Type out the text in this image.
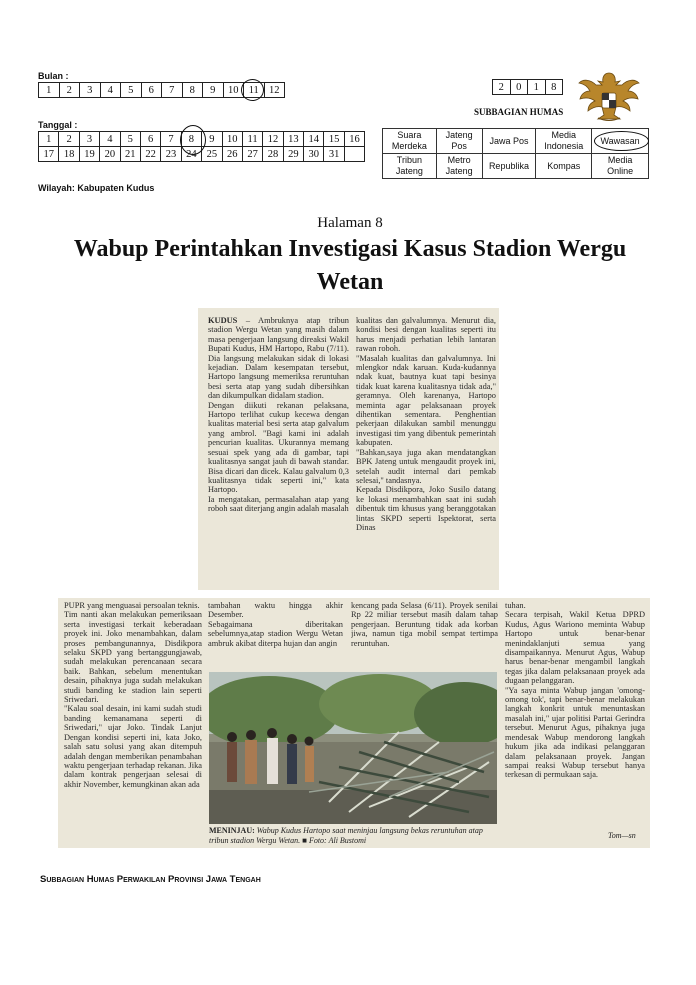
Bulan :
1	2	3	4	5	6	7	8	9	10	11	12
Tanggal :
1	2	3	4	5	6	7	8	9	10	11	12	13	14	15	16
17	18	19	20	21	22	23	24	25	26	27	28	29	30	31	
Wilayah: Kabupaten Kudus
2	0	1	8
SUBBAGIAN HUMAS
Suara Merdeka	Jateng Pos	Jawa Pos	Media Indonesia	Wawasan
Tribun Jateng	Metro Jateng	Republika	Kompas	Media Online
Halaman 8
Wabup Perintahkan Investigasi Kasus Stadion Wergu Wetan
KUDUS – Ambruknya atap tribun stadion Wergu Wetan yang masih dalam masa pengerjaan langsung direaksi Wakil Bupati Kudus, HM Hartopo, Rabu (7/11). Dia langsung melakukan sidak di lokasi kejadian. Dalam kesempatan tersebut, Hartopo langsung memeriksa reruntuhan besi serta atap yang sudah dibersihkan dan dikumpulkan didalam stadion.
Dengan diikuti rekanan pelaksana, Hartopo terlihat cukup kecewa dengan kualitas material besi serta atap galvalum yang ambrol. "Bagi kami ini adalah pencurian kualitas. Ukurannya memang sesuai spek yang ada di gambar, tapi kualitasnya sangat jauh di bawah standar. Bisa dicari dan dicek. Kalau galvalum 0,3 kualitasnya tidak seperti ini," kata Hartopo.
Ia mengatakan, permasalahan atap yang roboh saat diterjang angin adalah masalah
kualitas dan galvalumnya. Menurut dia, kondisi besi dengan kualitas seperti itu harus menjadi perhatian lebih lantaran rawan roboh.
"Masalah kualitas dan galvalumnya. Ini mlengkor ndak karuan. Kuda-kudannya ndak kuat, bautnya kuat tapi besinya tidak kuat karena kualitasnya tidak ada," geramnya. Oleh karenanya, Hartopo meminta agar pelaksanaan proyek dihentikan sementara. Penghentian pekerjaan dilakukan sambil menunggu investigasi tim yang dibentuk pemerintah kabupaten.
"Bahkan,saya juga akan mendatangkan BPK Jateng untuk mengaudit proyek ini, setelah audit internal dari pemkab selesai," tandasnya.
Kepada Disdikpora, Joko Susilo datang ke lokasi menambahkan saat ini sudah dibentuk tim khusus yang beranggotakan lintas SKPD seperti Ispektorat, serta Dinas
PUPR yang menguasai persoalan teknis.
Tim nanti akan melakukan pemeriksaan serta investigasi terkait keberadaan proyek ini. Joko menambahkan, dalam proses pembangunannya, Disdikpora selaku SKPD yang bertanggungjawab, sudah melakukan perencanaan secara baik. Bahkan, sebelum menentukan desain, pihaknya juga sudah melakukan studi banding ke stadion lain seperti Sriwedari.
"Kalau soal desain, ini kami sudah studi banding kemanamana seperti di Sriwedari," ujar Joko. Tindak Lanjut Dengan kondisi seperti ini, kata Joko, salah satu solusi yang akan ditempuh adalah dengan memberikan penambahan waktu pengerjaan terhadap rekanan. Jika dalam kontrak pengerjaan selesai di akhir November, kemungkinan akan ada
tambahan waktu hingga akhir Desember.
Sebagaimana diberitakan sebelumnya,atap stadion Wergu Wetan ambruk akibat diterpa hujan dan angin
kencang pada Selasa (6/11). Proyek senilai Rp 22 miliar tersebut masih dalam tahap pengerjaan. Beruntung tidak ada korban jiwa, namun tiga mobil sempat tertimpa reruntuhan.
tuhan.
Secara terpisah, Wakil Ketua DPRD Kudus, Agus Wariono meminta Wabup Hartopo untuk benar-benar menindaklanjuti semua yang disampaikannya. Menurut Agus, Wabup harus benar-benar mengambil langkah tegas jika dalam pelaksanaan proyek ada dugaan pelanggaran.
"Ya saya minta Wabup jangan 'omong-omong tok', tapi benar-benar melakukan langkah konkrit untuk menuntaskan masalah ini," ujar politisi Partai Gerindra tersebut. Menurut Agus, pihaknya juga mendesak Wabup mendorong langkah hukum jika ada indikasi pelanggaran dalam pelaksanaan proyek. Jangan sampai reaksi Wabup tersebut hanya terkesan di permukaan saja.
Tom—sn
MENINJAU: Wabup Kudus Hartopo saat meninjau langsung bekas reruntuhan atap tribun stadion Wergu Wetan. ■ Foto: Ali Bustomi
Subbagian Humas Perwakilan Provinsi Jawa Tengah
